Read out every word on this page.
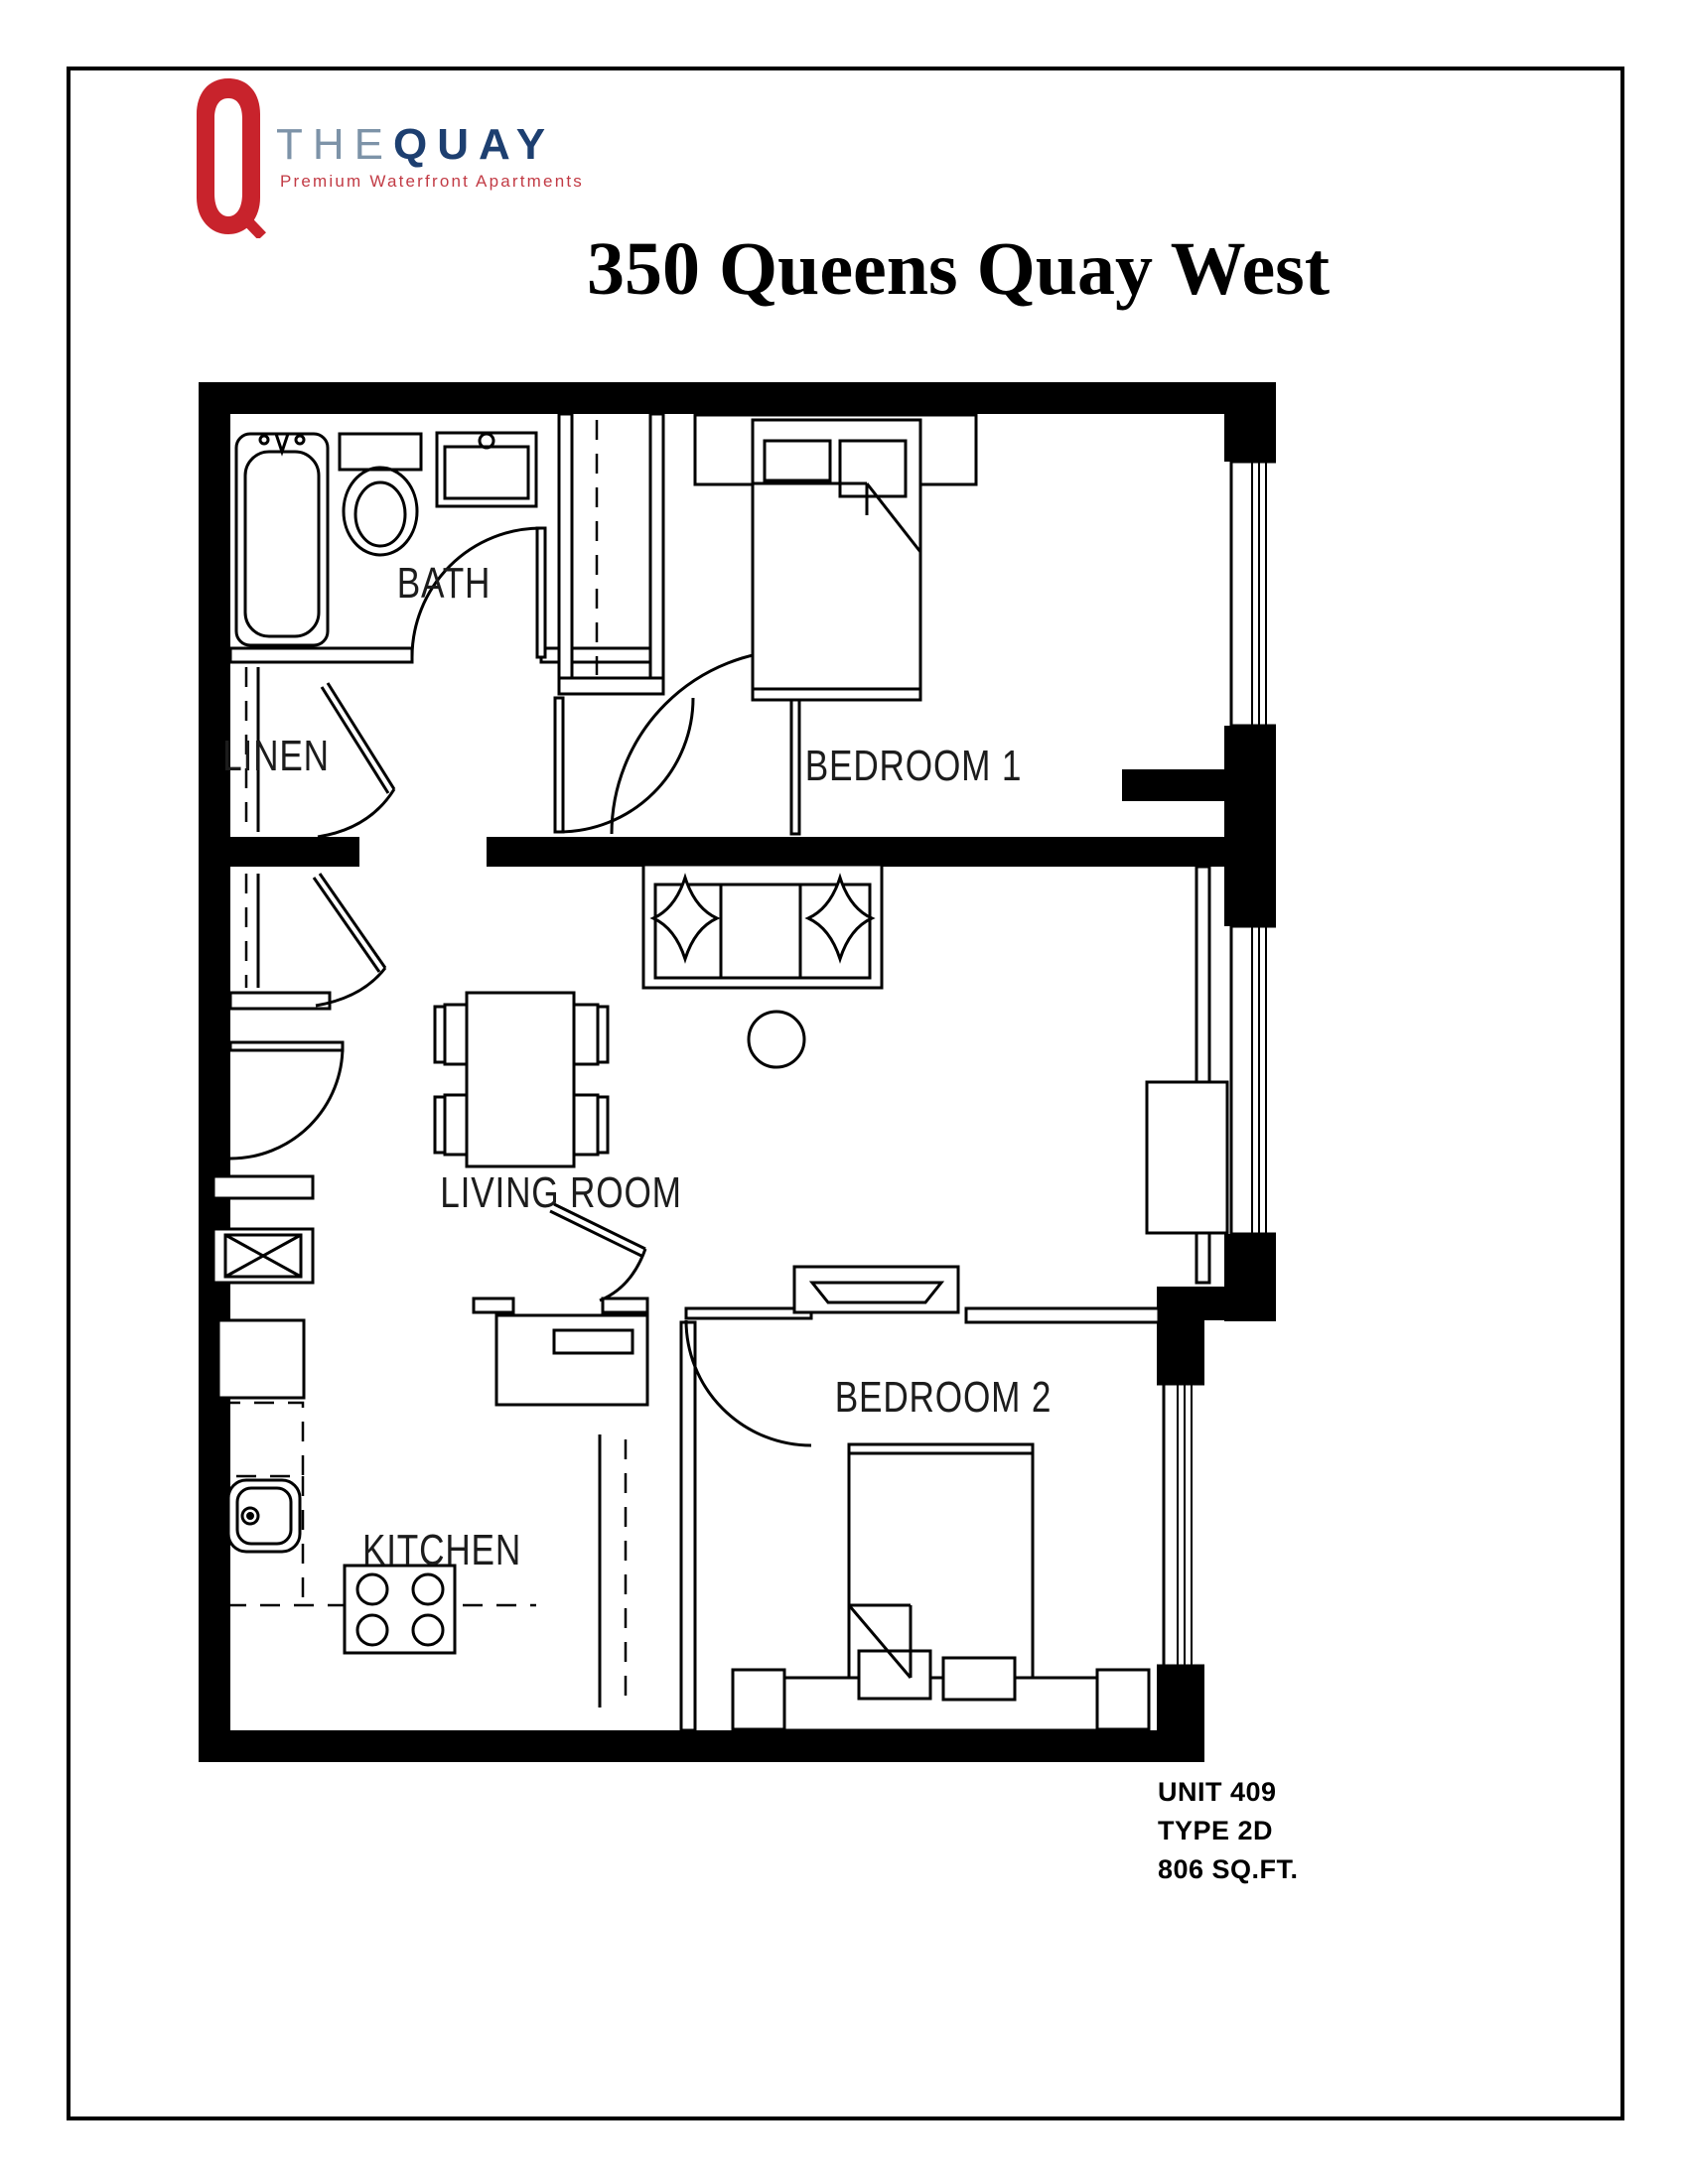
THEQUAY
Premium Waterfront Apartments
350 Queens Quay West
BATH
LINEN	BEDROOM 1
LIVING ROOM
KITCHEN
BEDROOM 2
UNIT 409
TYPE 2D
806 SQ.FT.
